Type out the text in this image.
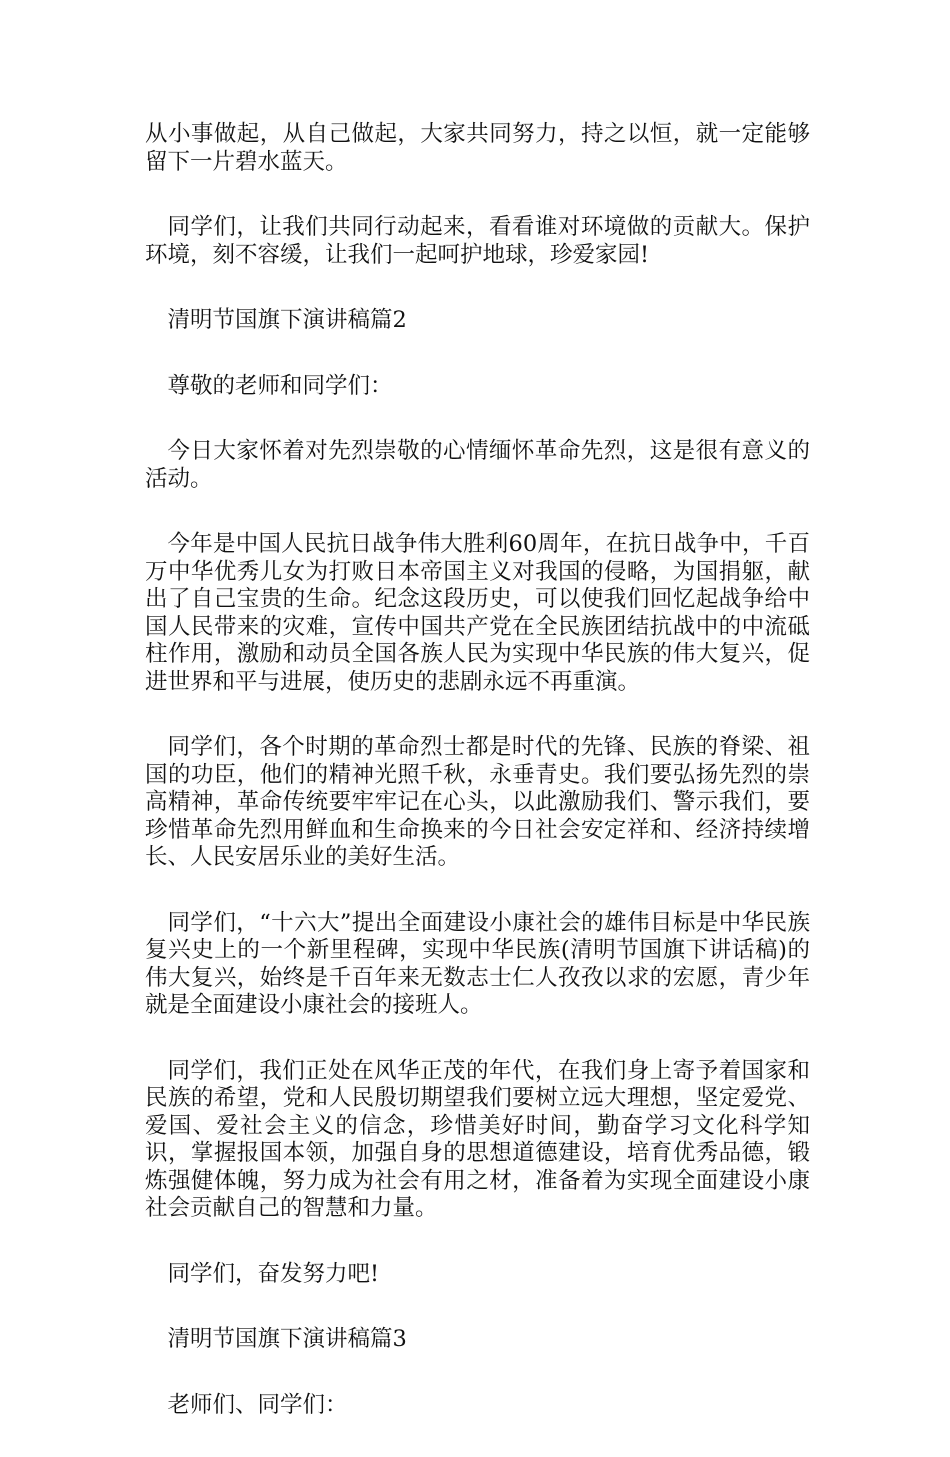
从小事做起，从自己做起，大家共同努力，持之以恒，就一定能够留下一片碧水蓝天。

同学们，让我们共同行动起来，看看谁对环境做的贡献大。保护环境，刻不容缓，让我们一起呵护地球，珍爱家园!

清明节国旗下演讲稿篇2

尊敬的老师和同学们：

今日大家怀着对先烈崇敬的心情缅怀革命先烈，这是很有意义的活动。

今年是中国人民抗日战争伟大胜利60周年，在抗日战争中，千百万中华优秀儿女为打败日本帝国主义对我国的侵略，为国捐躯，献出了自己宝贵的生命。纪念这段历史，可以使我们回忆起战争给中国人民带来的灾难，宣传中国共产党在全民族团结抗战中的中流砥柱作用，激励和动员全国各族人民为实现中华民族的伟大复兴，促进世界和平与进展，使历史的悲剧永远不再重演。

同学们，各个时期的革命烈士都是时代的先锋、民族的脊梁、祖国的功臣，他们的精神光照千秋，永垂青史。我们要弘扬先烈的崇高精神，革命传统要牢牢记在心头，以此激励我们、警示我们，要珍惜革命先烈用鲜血和生命换来的今日社会安定祥和、经济持续增长、人民安居乐业的美好生活。

同学们，“十六大”提出全面建设小康社会的雄伟目标是中华民族复兴史上的一个新里程碑，实现中华民族(清明节国旗下讲话稿)的伟大复兴，始终是千百年来无数志士仁人孜孜以求的宏愿，青少年就是全面建设小康社会的接班人。

同学们，我们正处在风华正茂的年代，在我们身上寄予着国家和民族的希望，党和人民殷切期望我们要树立远大理想，坚定爱党、爱国、爱社会主义的信念，珍惜美好时间，勤奋学习文化科学知识，掌握报国本领，加强自身的思想道德建设，培育优秀品德，锻炼强健体魄，努力成为社会有用之材，准备着为实现全面建设小康社会贡献自己的智慧和力量。

同学们，奋发努力吧!

清明节国旗下演讲稿篇3

老师们、同学们：
